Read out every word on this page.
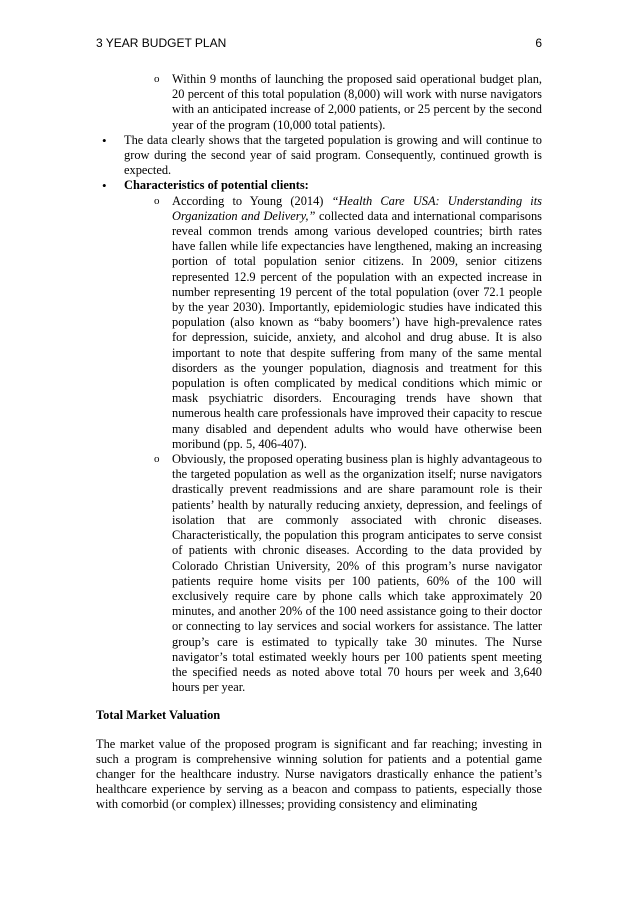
3 YEAR BUDGET PLAN	6
o	Within 9 months of launching the proposed said operational budget plan, 20 percent of this total population (8,000) will work with nurse navigators with an anticipated increase of 2,000 patients, or 25 percent by the second year of the program (10,000 total patients).
•	The data clearly shows that the targeted population is growing and will continue to grow during the second year of said program. Consequently, continued growth is expected.
•	Characteristics of potential clients:
o	According to Young (2014) “Health Care USA: Understanding its Organization and Delivery,” collected data and international comparisons reveal common trends among various developed countries; birth rates have fallen while life expectancies have lengthened, making an increasing portion of total population senior citizens. In 2009, senior citizens represented 12.9 percent of the population with an expected increase in number representing 19 percent of the total population (over 72.1 people by the year 2030). Importantly, epidemiologic studies have indicated this population (also known as “baby boomers’) have high-prevalence rates for depression, suicide, anxiety, and alcohol and drug abuse. It is also important to note that despite suffering from many of the same mental disorders as the younger population, diagnosis and treatment for this population is often complicated by medical conditions which mimic or mask psychiatric disorders. Encouraging trends have shown that numerous health care professionals have improved their capacity to rescue many disabled and dependent adults who would have otherwise been moribund (pp. 5, 406-407).
o	Obviously, the proposed operating business plan is highly advantageous to the targeted population as well as the organization itself; nurse navigators drastically prevent readmissions and are share paramount role is their patients’ health by naturally reducing anxiety, depression, and feelings of isolation that are commonly associated with chronic diseases. Characteristically, the population this program anticipates to serve consist of patients with chronic diseases. According to the data provided by Colorado Christian University, 20% of this program’s nurse navigator patients require home visits per 100 patients, 60% of the 100 will exclusively require care by phone calls which take approximately 20 minutes, and another 20% of the 100 need assistance going to their doctor or connecting to lay services and social workers for assistance. The latter group’s care is estimated to typically take 30 minutes. The Nurse navigator’s total estimated weekly hours per 100 patients spent meeting the specified needs as noted above total 70 hours per week and 3,640 hours per year.
Total Market Valuation
The market value of the proposed program is significant and far reaching; investing in such a program is comprehensive winning solution for patients and a potential game changer for the healthcare industry. Nurse navigators drastically enhance the patient’s healthcare experience by serving as a beacon and compass to patients, especially those with comorbid (or complex) illnesses; providing consistency and eliminating
